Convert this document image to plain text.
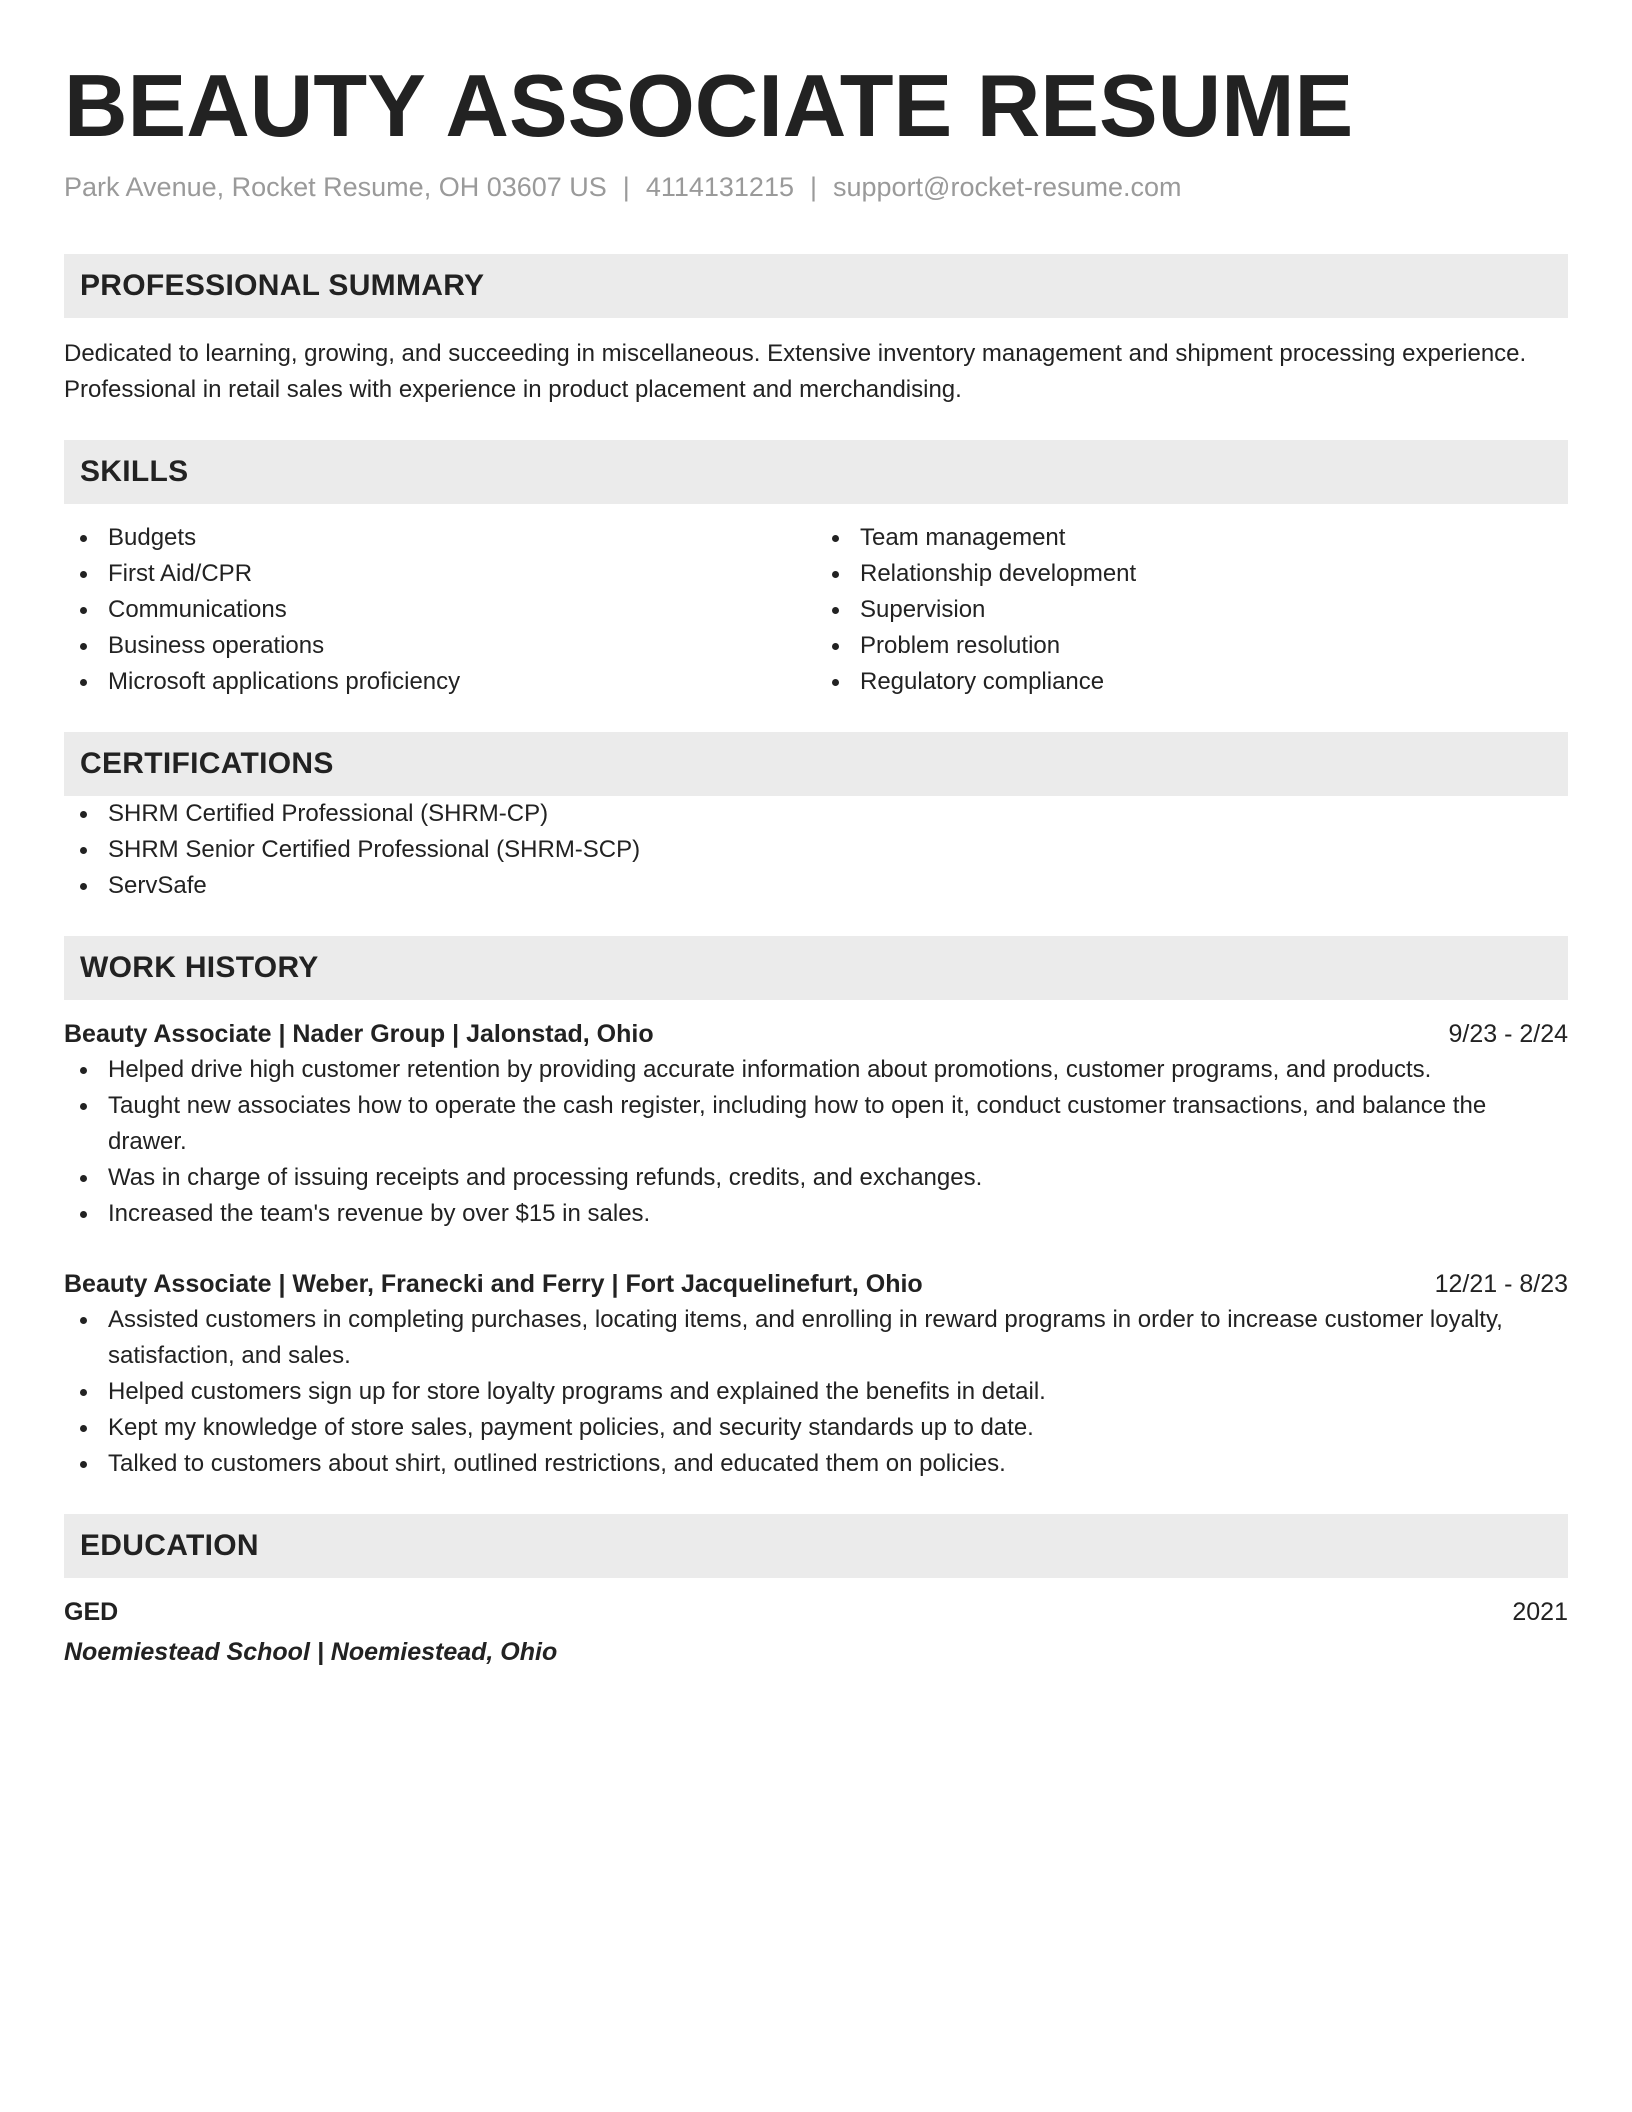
BEAUTY ASSOCIATE RESUME
Park Avenue, Rocket Resume, OH 03607 US | 4114131215 | support@rocket-resume.com
PROFESSIONAL SUMMARY
Dedicated to learning, growing, and succeeding in miscellaneous. Extensive inventory management and shipment processing experience. Professional in retail sales with experience in product placement and merchandising.
SKILLS
Budgets
First Aid/CPR
Communications
Business operations
Microsoft applications proficiency
Team management
Relationship development
Supervision
Problem resolution
Regulatory compliance
CERTIFICATIONS
SHRM Certified Professional (SHRM-CP)
SHRM Senior Certified Professional (SHRM-SCP)
ServSafe
WORK HISTORY
Beauty Associate | Nader Group | Jalonstad, Ohio	9/23 - 2/24
Helped drive high customer retention by providing accurate information about promotions, customer programs, and products.
Taught new associates how to operate the cash register, including how to open it, conduct customer transactions, and balance the drawer.
Was in charge of issuing receipts and processing refunds, credits, and exchanges.
Increased the team's revenue by over $15 in sales.
Beauty Associate | Weber, Franecki and Ferry | Fort Jacquelinefurt, Ohio	12/21 - 8/23
Assisted customers in completing purchases, locating items, and enrolling in reward programs in order to increase customer loyalty, satisfaction, and sales.
Helped customers sign up for store loyalty programs and explained the benefits in detail.
Kept my knowledge of store sales, payment policies, and security standards up to date.
Talked to customers about shirt, outlined restrictions, and educated them on policies.
EDUCATION
GED	2021
Noemiestead School | Noemiestead, Ohio
